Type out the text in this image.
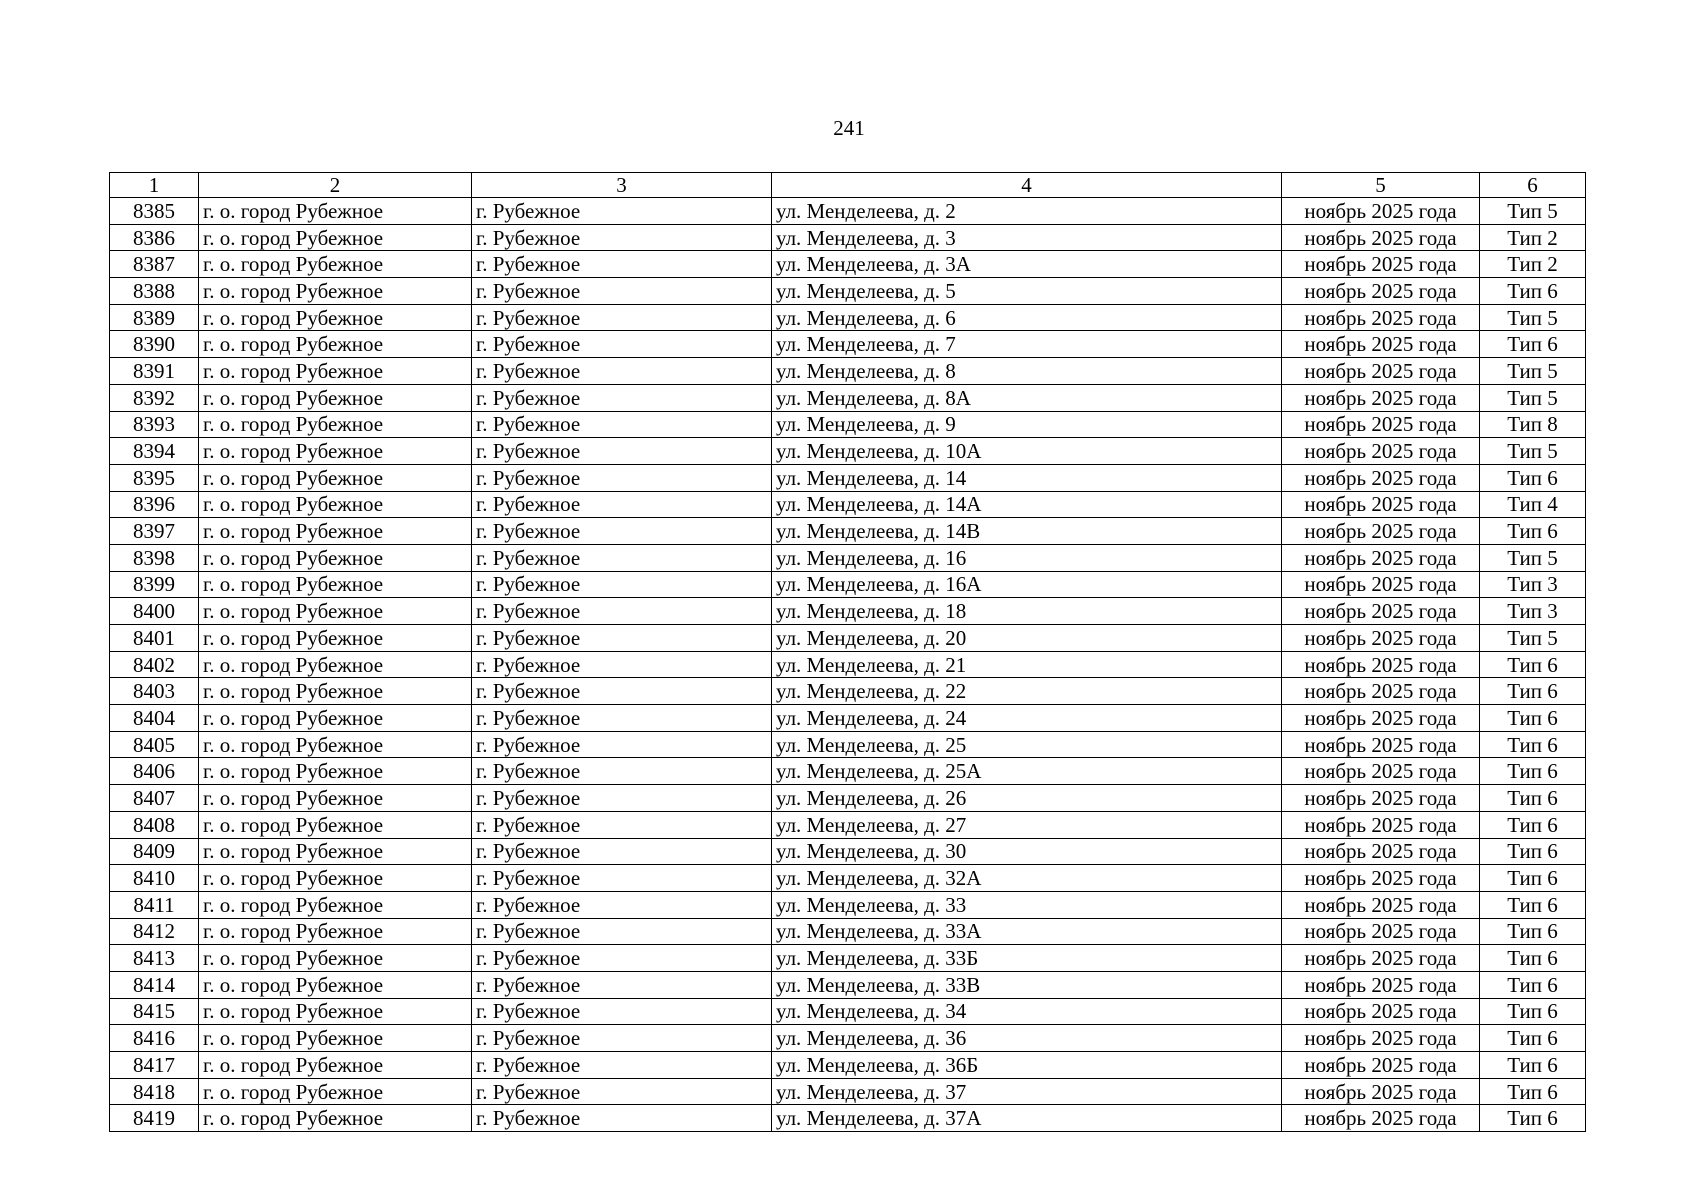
241
1	2	3	4	5	6
8385	г. о. город Рубежное	г. Рубежное	ул. Менделеева, д. 2	ноябрь 2025 года	Тип 5
8386	г. о. город Рубежное	г. Рубежное	ул. Менделеева, д. 3	ноябрь 2025 года	Тип 2
8387	г. о. город Рубежное	г. Рубежное	ул. Менделеева, д. 3А	ноябрь 2025 года	Тип 2
8388	г. о. город Рубежное	г. Рубежное	ул. Менделеева, д. 5	ноябрь 2025 года	Тип 6
8389	г. о. город Рубежное	г. Рубежное	ул. Менделеева, д. 6	ноябрь 2025 года	Тип 5
8390	г. о. город Рубежное	г. Рубежное	ул. Менделеева, д. 7	ноябрь 2025 года	Тип 6
8391	г. о. город Рубежное	г. Рубежное	ул. Менделеева, д. 8	ноябрь 2025 года	Тип 5
8392	г. о. город Рубежное	г. Рубежное	ул. Менделеева, д. 8А	ноябрь 2025 года	Тип 5
8393	г. о. город Рубежное	г. Рубежное	ул. Менделеева, д. 9	ноябрь 2025 года	Тип 8
8394	г. о. город Рубежное	г. Рубежное	ул. Менделеева, д. 10А	ноябрь 2025 года	Тип 5
8395	г. о. город Рубежное	г. Рубежное	ул. Менделеева, д. 14	ноябрь 2025 года	Тип 6
8396	г. о. город Рубежное	г. Рубежное	ул. Менделеева, д. 14А	ноябрь 2025 года	Тип 4
8397	г. о. город Рубежное	г. Рубежное	ул. Менделеева, д. 14В	ноябрь 2025 года	Тип 6
8398	г. о. город Рубежное	г. Рубежное	ул. Менделеева, д. 16	ноябрь 2025 года	Тип 5
8399	г. о. город Рубежное	г. Рубежное	ул. Менделеева, д. 16А	ноябрь 2025 года	Тип 3
8400	г. о. город Рубежное	г. Рубежное	ул. Менделеева, д. 18	ноябрь 2025 года	Тип 3
8401	г. о. город Рубежное	г. Рубежное	ул. Менделеева, д. 20	ноябрь 2025 года	Тип 5
8402	г. о. город Рубежное	г. Рубежное	ул. Менделеева, д. 21	ноябрь 2025 года	Тип 6
8403	г. о. город Рубежное	г. Рубежное	ул. Менделеева, д. 22	ноябрь 2025 года	Тип 6
8404	г. о. город Рубежное	г. Рубежное	ул. Менделеева, д. 24	ноябрь 2025 года	Тип 6
8405	г. о. город Рубежное	г. Рубежное	ул. Менделеева, д. 25	ноябрь 2025 года	Тип 6
8406	г. о. город Рубежное	г. Рубежное	ул. Менделеева, д. 25А	ноябрь 2025 года	Тип 6
8407	г. о. город Рубежное	г. Рубежное	ул. Менделеева, д. 26	ноябрь 2025 года	Тип 6
8408	г. о. город Рубежное	г. Рубежное	ул. Менделеева, д. 27	ноябрь 2025 года	Тип 6
8409	г. о. город Рубежное	г. Рубежное	ул. Менделеева, д. 30	ноябрь 2025 года	Тип 6
8410	г. о. город Рубежное	г. Рубежное	ул. Менделеева, д. 32А	ноябрь 2025 года	Тип 6
8411	г. о. город Рубежное	г. Рубежное	ул. Менделеева, д. 33	ноябрь 2025 года	Тип 6
8412	г. о. город Рубежное	г. Рубежное	ул. Менделеева, д. 33А	ноябрь 2025 года	Тип 6
8413	г. о. город Рубежное	г. Рубежное	ул. Менделеева, д. 33Б	ноябрь 2025 года	Тип 6
8414	г. о. город Рубежное	г. Рубежное	ул. Менделеева, д. 33В	ноябрь 2025 года	Тип 6
8415	г. о. город Рубежное	г. Рубежное	ул. Менделеева, д. 34	ноябрь 2025 года	Тип 6
8416	г. о. город Рубежное	г. Рубежное	ул. Менделеева, д. 36	ноябрь 2025 года	Тип 6
8417	г. о. город Рубежное	г. Рубежное	ул. Менделеева, д. 36Б	ноябрь 2025 года	Тип 6
8418	г. о. город Рубежное	г. Рубежное	ул. Менделеева, д. 37	ноябрь 2025 года	Тип 6
8419	г. о. город Рубежное	г. Рубежное	ул. Менделеева, д. 37А	ноябрь 2025 года	Тип 6
